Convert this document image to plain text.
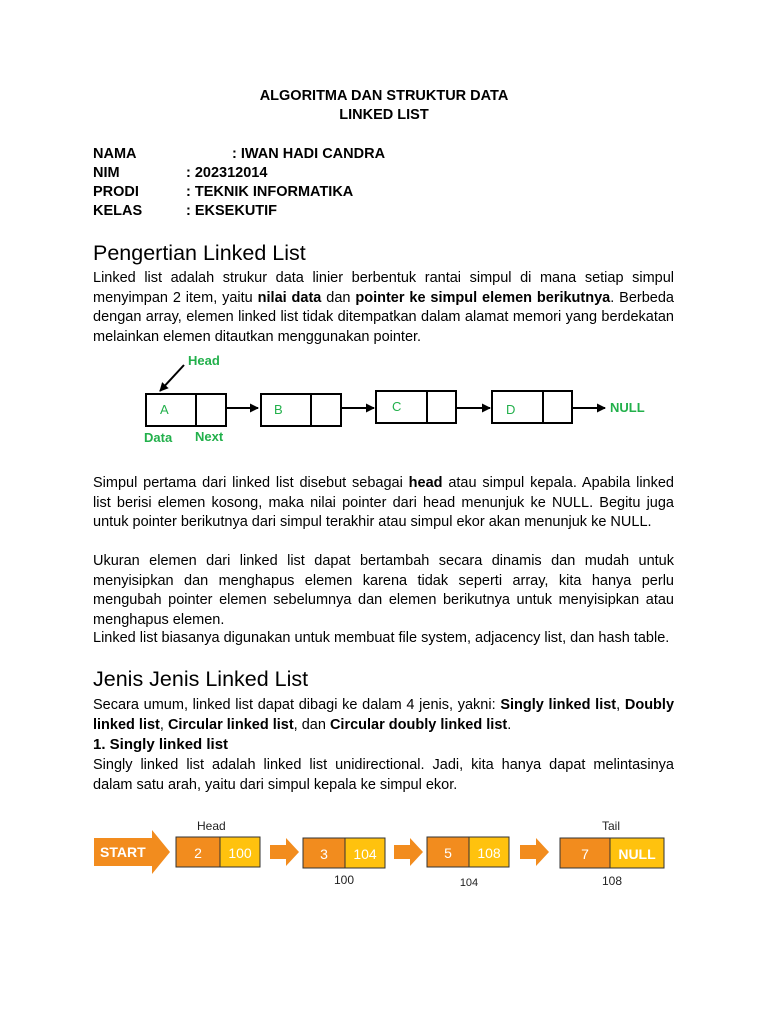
ALGORITMA DAN STRUKTUR DATA
LINKED LIST
NAMA	: IWAN HADI CANDRA
NIM	: 202312014
PRODI	: TEKNIK INFORMATIKA
KELAS	: EKSEKUTIF
Pengertian Linked List

Linked list adalah strukur data linier berbentuk rantai simpul di mana setiap simpul menyimpan 2 item, yaitu nilai data dan pointer ke simpul elemen berikutnya. Berbeda dengan array, elemen linked list tidak ditempatkan dalam alamat memori yang berdekatan melainkan elemen ditautkan menggunakan pointer.

Head
A	B	C	D	NULL
Data Next

Simpul pertama dari linked list disebut sebagai head atau simpul kepala. Apabila linked list berisi elemen kosong, maka nilai pointer dari head menunjuk ke NULL. Begitu juga untuk pointer berikutnya dari simpul terakhir atau simpul ekor akan menunjuk ke NULL.

Ukuran elemen dari linked list dapat bertambah secara dinamis dan mudah untuk menyisipkan dan menghapus elemen karena tidak seperti array, kita hanya perlu mengubah pointer elemen sebelumnya dan elemen berikutnya untuk menyisipkan atau menghapus elemen.

Linked list biasanya digunakan untuk membuat file system, adjacency list, dan hash table.

Jenis Jenis Linked List

Secara umum, linked list dapat dibagi ke dalam 4 jenis, yakni: Singly linked list, Doubly linked list, Circular linked list, dan Circular doubly linked list.

1. Singly linked list

Singly linked list adalah linked list unidirectional. Jadi, kita hanya dapat melintasinya dalam satu arah, yaitu dari simpul kepala ke simpul ekor.

START
Head	Tail
2 100	3 104
100
5 108
104
7 NULL
108
